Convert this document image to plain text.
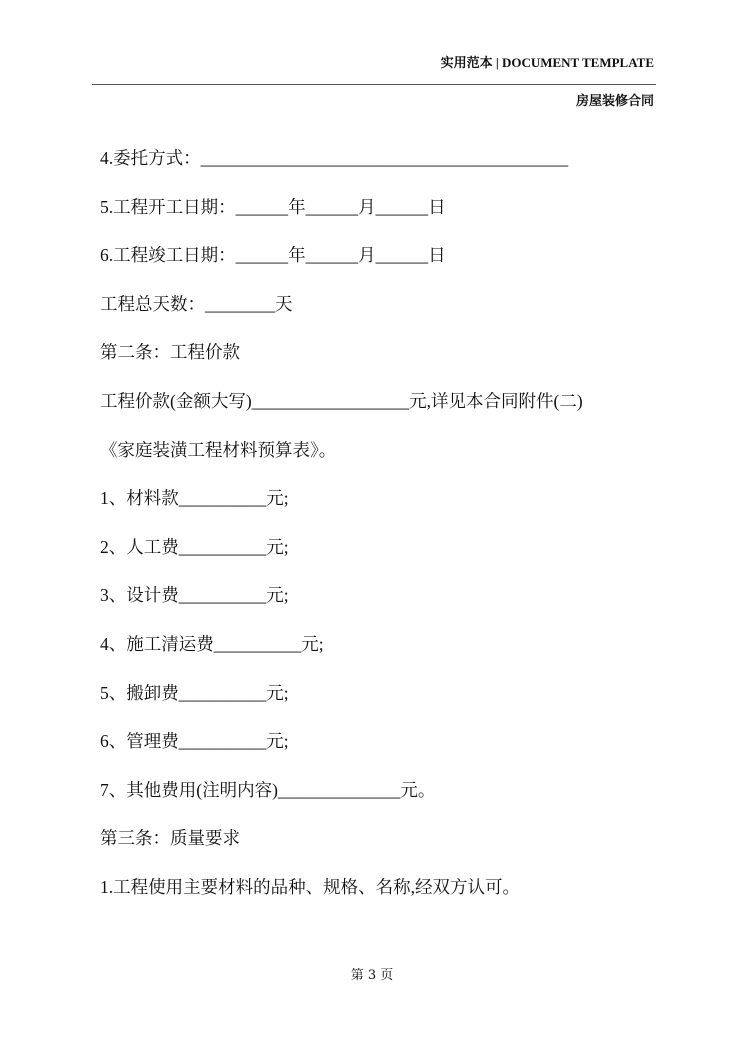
实用范本 | DOCUMENT TEMPLATE
房屋装修合同
4.委托方式：__________________________________________
5.工程开工日期：______年______月______日
6.工程竣工日期：______年______月______日
工程总天数：________天
第二条：工程价款
工程价款(金额大写)__________________元,详见本合同附件(二)
《家庭装潢工程材料预算表》。
1、材料款__________元;
2、人工费__________元;
3、设计费__________元;
4、施工清运费__________元;
5、搬卸费__________元;
6、管理费__________元;
7、其他费用(注明内容)______________元。
第三条：质量要求
1.工程使用主要材料的品种、规格、名称,经双方认可。
第 3 页
